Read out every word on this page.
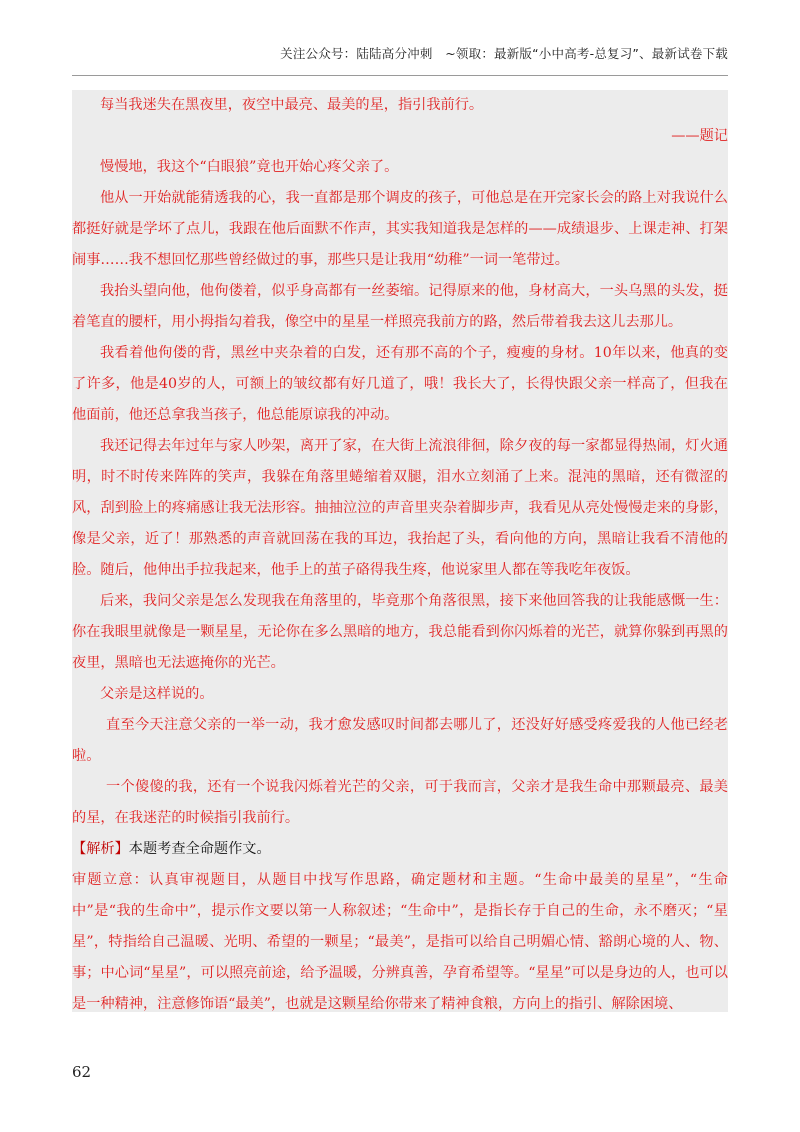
关注公众号：陆陆高分冲刺　~领取：最新版“小中高考-总复习”、最新试卷下载

每当我迷失在黑夜里，夜空中最亮、最美的星，指引我前行。

——题记

慢慢地，我这个“白眼狼”竟也开始心疼父亲了。

他从一开始就能猜透我的心，我一直都是那个调皮的孩子，可他总是在开完家长会的路上对我说什么都挺好就是学坏了点儿，我跟在他后面默不作声，其实我知道我是怎样的——成绩退步、上课走神、打架闹事……我不想回忆那些曾经做过的事，那些只是让我用“幼稚”一词一笔带过。

我抬头望向他，他佝偻着，似乎身高都有一丝萎缩。记得原来的他，身材高大，一头乌黑的头发，挺着笔直的腰杆，用小拇指勾着我，像空中的星星一样照亮我前方的路，然后带着我去这儿去那儿。

我看着他佝偻的背，黑丝中夹杂着的白发，还有那不高的个子，瘦瘦的身材。10年以来，他真的变了许多，他是40岁的人，可额上的皱纹都有好几道了，哦！我长大了，长得快跟父亲一样高了，但我在他面前，他还总拿我当孩子，他总能原谅我的冲动。

我还记得去年过年与家人吵架，离开了家，在大街上流浪徘徊，除夕夜的每一家都显得热闹，灯火通明，时不时传来阵阵的笑声，我躲在角落里蜷缩着双腿，泪水立刻涌了上来。混沌的黑暗，还有微涩的风，刮到脸上的疼痛感让我无法形容。抽抽泣泣的声音里夹杂着脚步声，我看见从亮处慢慢走来的身影，像是父亲，近了！那熟悉的声音就回荡在我的耳边，我抬起了头，看向他的方向，黑暗让我看不清他的脸。随后，他伸出手拉我起来，他手上的茧子硌得我生疼，他说家里人都在等我吃年夜饭。

后来，我问父亲是怎么发现我在角落里的，毕竟那个角落很黑，接下来他回答我的让我能感慨一生：你在我眼里就像是一颗星星，无论你在多么黑暗的地方，我总能看到你闪烁着的光芒，就算你躲到再黑的夜里，黑暗也无法遮掩你的光芒。

父亲是这样说的。

直至今天注意父亲的一举一动，我才愈发感叹时间都去哪儿了，还没好好感受疼爱我的人他已经老啦。

一个傻傻的我，还有一个说我闪烁着光芒的父亲，可于我而言，父亲才是我生命中那颗最亮、最美的星，在我迷茫的时候指引我前行。

【解析】本题考查全命题作文。

审题立意：认真审视题目，从题目中找写作思路，确定题材和主题。“生命中最美的星星”，“生命中”是“我的生命中”，提示作文要以第一人称叙述；“生命中”，是指长存于自己的生命，永不磨灭；“星星”，特指给自己温暖、光明、希望的一颗星；“最美”，是指可以给自己明媚心情、豁朗心境的人、物、事；中心词“星星”，可以照亮前途，给予温暖，分辨真善，孕育希望等。“星星”可以是身边的人，也可以是一种精神，注意修饰语“最美”，也就是这颗星给你带来了精神食粮，方向上的指引、解除困境、

62
